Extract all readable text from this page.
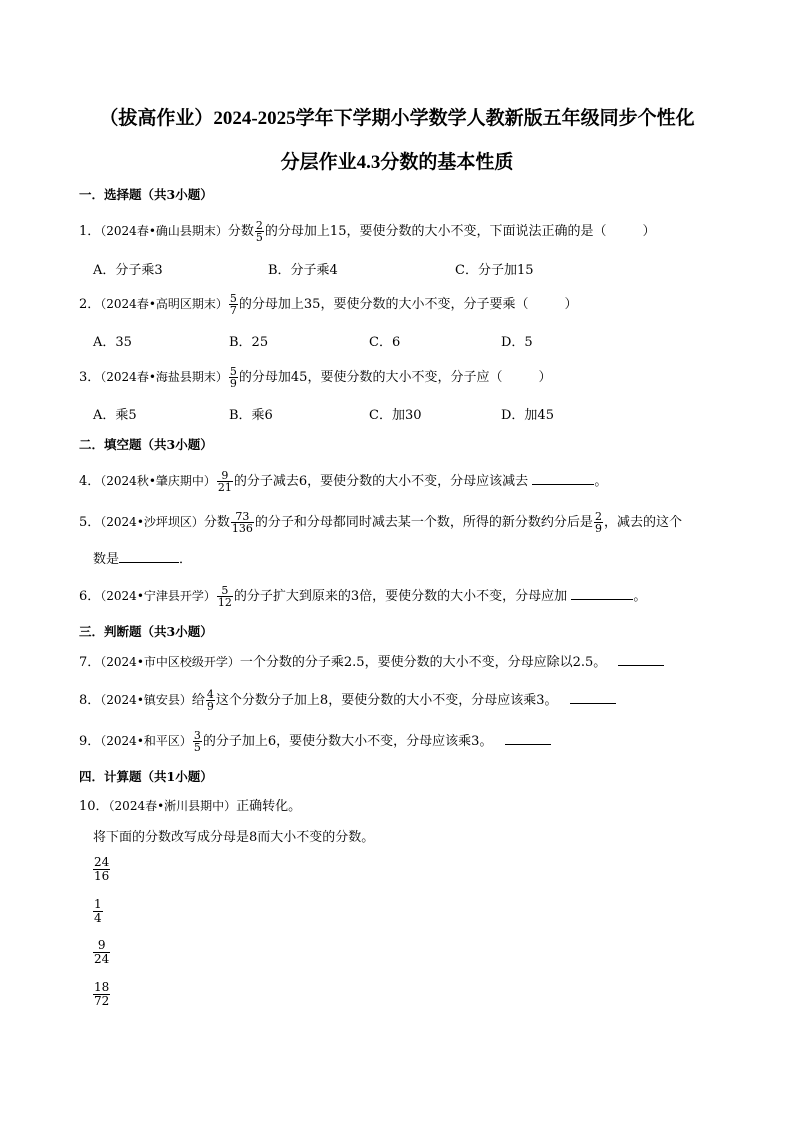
（拔高作业）2024-2025学年下学期小学数学人教新版五年级同步个性化
分层作业4.3分数的基本性质
一．选择题（共3小题）
1．（2024春•确山县期末）分数 $\frac{2}{5}$ 的分母加上15，要使分数的大小不变，下面说法正确的是（	）
A．分子乘3	B．分子乘4	C．分子加15
2．（2024春•高明区期末） $\frac{5}{7}$ 的分母加上35，要使分数的大小不变，分子要乘（	）
A．35	B．25	C．6	D．5
3．（2024春•海盐县期末） $\frac{5}{9}$ 的分母加45，要使分数的大小不变，分子应（	）
A．乘5	B．乘6	C．加30	D．加45
二．填空题（共3小题）
4．（2024秋•肇庆期中） $\frac{9}{21}$ 的分子减去6，要使分数的大小不变，分母应该减去	。
5．（2024•沙坪坝区）分数 $\frac{73}{136}$ 的分子和分母都同时减去某一个数，所得的新分数约分后是 $\frac{2}{9}$ ，减去的这个
数是	．
6．（2024•宁津县开学） $\frac{5}{12}$ 的分子扩大到原来的3倍，要使分数的大小不变，分母应加	。
三．判断题（共3小题）
7．（2024•市中区校级开学）一个分数的分子乘2.5，要使分数的大小不变，分母应除以2.5。
8．（2024•镇安县）给 $\frac{4}{9}$ 这个分数分子加上8，要使分数的大小不变，分母应该乘3。
9．（2024•和平区） $\frac{3}{5}$ 的分子加上6，要使分数大小不变，分母应该乘3。
四．计算题（共1小题）
10．（2024春•淅川县期中）正确转化。
将下面的分数改写成分母是8而大小不变的分数。
$\frac{24}{16}$
$\frac{1}{4}$
$\frac{9}{24}$
$\frac{18}{72}$
